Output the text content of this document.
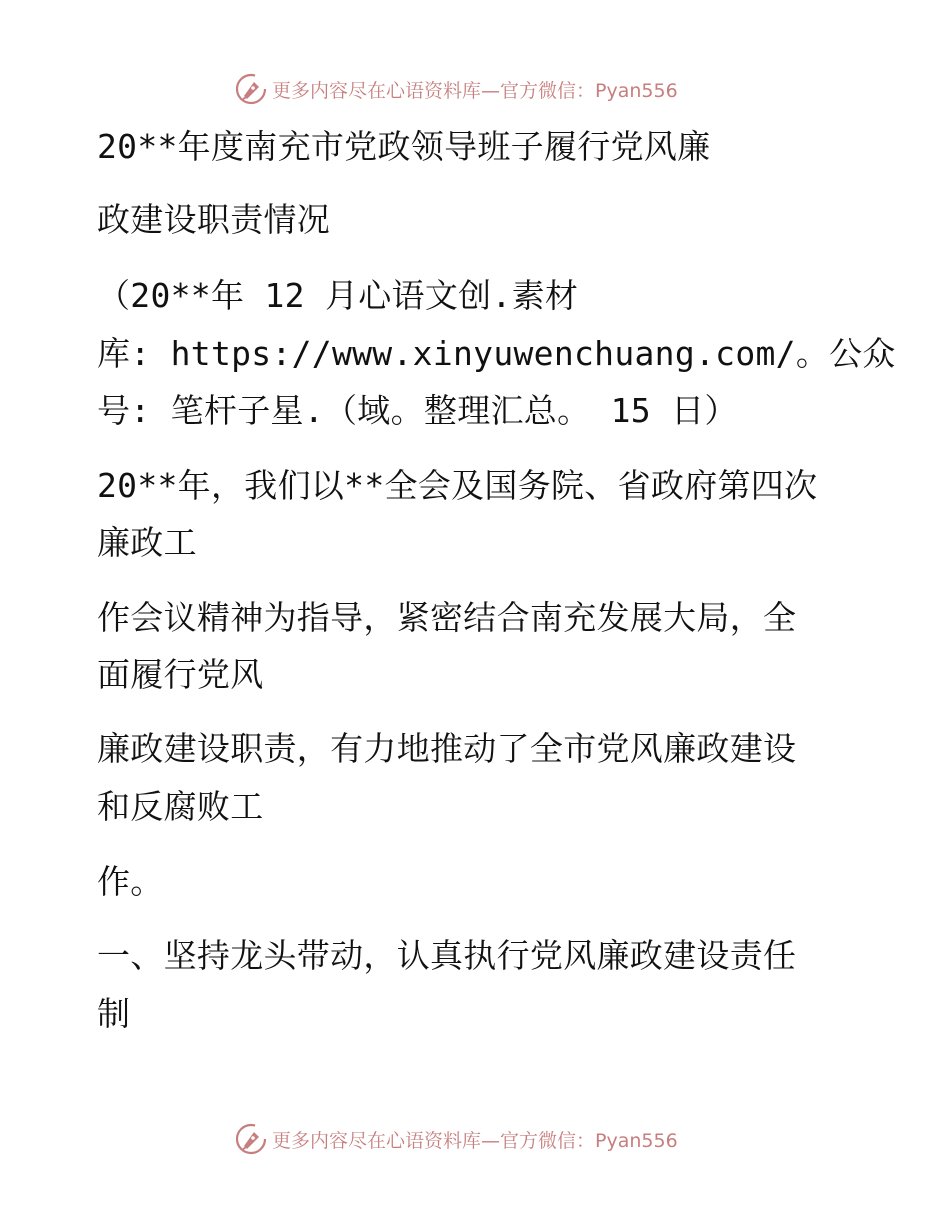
更多内容尽在心语资料库 —官方微信：Pyan556
20**年度南充市党政领导班子履行党风廉
政建设职责情况
（20**年 12 月心语文创.素材
库: https://www.xinyuwenchuang.com/。公众
号: 笔杆子星.（域。整理汇总。 15 日）
20**年，我们以**全会及国务院、省政府第四次
廉政工
作会议精神为指导，紧密结合南充发展大局，全
面履行党风
廉政建设职责，有力地推动了全市党风廉政建设
和反腐败工
作。
一、坚持龙头带动，认真执行党风廉政建设责任
制
更多内容尽在心语资料库 —官方微信：Pyan556
